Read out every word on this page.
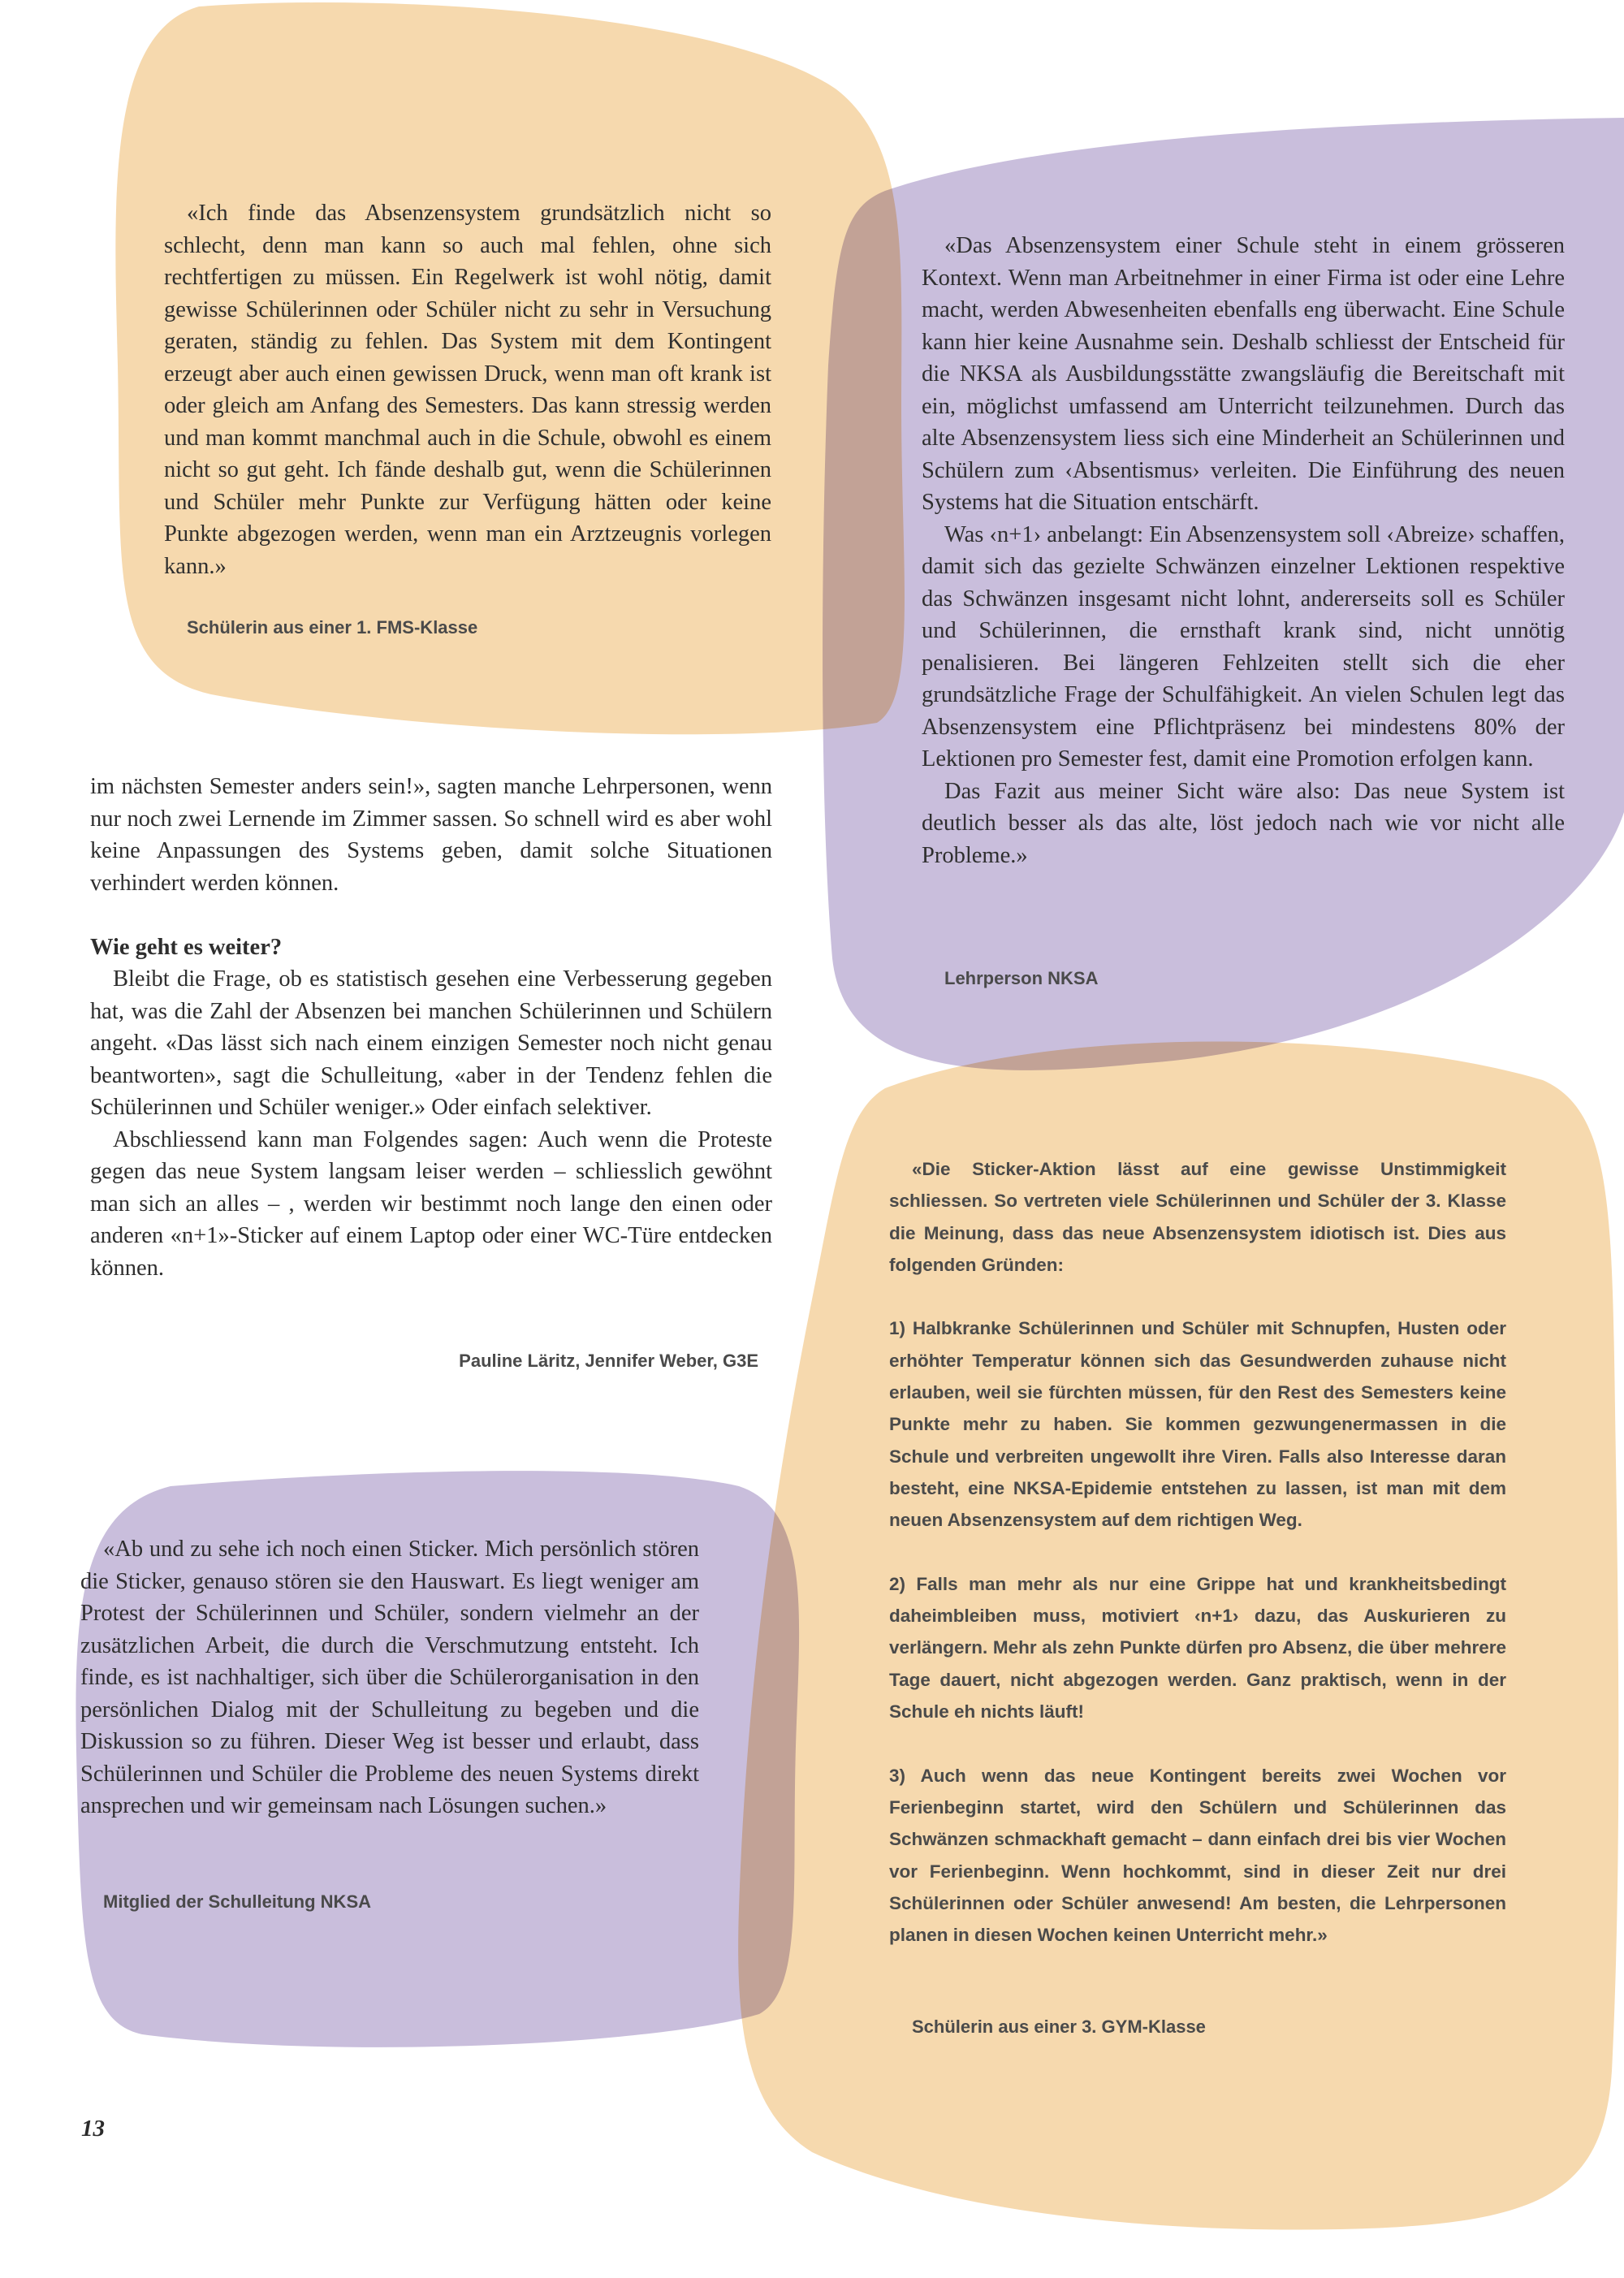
«Ich finde das Absenzensystem grundsätzlich nicht so schlecht, denn man kann so auch mal fehlen, ohne sich rechtfertigen zu müssen. Ein Regelwerk ist wohl nötig, damit gewisse Schülerinnen oder Schüler nicht zu sehr in Versuchung geraten, ständig zu fehlen. Das System mit dem Kontingent erzeugt aber auch einen gewissen Druck, wenn man oft krank ist oder gleich am Anfang des Semesters. Das kann stressig werden und man kommt manchmal auch in die Schule, obwohl es einem nicht so gut geht. Ich fände deshalb gut, wenn die Schülerinnen und Schüler mehr Punkte zur Verfügung hätten oder keine Punkte abgezogen werden, wenn man ein Arztzeugnis vorlegen kann.»

Schülerin aus einer 1. FMS-Klasse

«Das Absenzensystem einer Schule steht in einem grösseren Kontext. Wenn man Arbeitnehmer in einer Firma ist oder eine Lehre macht, werden Abwesenheiten ebenfalls eng überwacht. Eine Schule kann hier keine Ausnahme sein. Deshalb schliesst der Entscheid für die NKSA als Ausbildungsstätte zwangsläufig die Bereitschaft mit ein, möglichst umfassend am Unterricht teilzunehmen. Durch das alte Absenzensystem liess sich eine Minderheit an Schülerinnen und Schülern zum ‹Absentismus› verleiten. Die Einführung des neuen Systems hat die Situation entschärft.

Was ‹n+1› anbelangt: Ein Absenzensystem soll ‹Abreize› schaffen, damit sich das gezielte Schwänzen einzelner Lektionen respektive das Schwänzen insgesamt nicht lohnt, andererseits soll es Schüler und Schülerinnen, die ernsthaft krank sind, nicht unnötig penalisieren. Bei längeren Fehlzeiten stellt sich die eher grundsätzliche Frage der Schulfähigkeit. An vielen Schulen legt das Absenzensystem eine Pflichtpräsenz bei mindestens 80% der Lektionen pro Semester fest, damit eine Promotion erfolgen kann.

Das Fazit aus meiner Sicht wäre also: Das neue System ist deutlich besser als das alte, löst jedoch nach wie vor nicht alle Probleme.»

Lehrperson NKSA

im nächsten Semester anders sein!», sagten manche Lehrpersonen, wenn nur noch zwei Lernende im Zimmer sassen. So schnell wird es aber wohl keine Anpassungen des Systems geben, damit solche Situationen verhindert werden können.

Wie geht es weiter?

Bleibt die Frage, ob es statistisch gesehen eine Verbesserung gegeben hat, was die Zahl der Absenzen bei manchen Schülerinnen und Schülern angeht. «Das lässt sich nach einem einzigen Semester noch nicht genau beantworten», sagt die Schulleitung, «aber in der Tendenz fehlen die Schülerinnen und Schüler weniger.» Oder einfach selektiver.

Abschliessend kann man Folgendes sagen: Auch wenn die Proteste gegen das neue System langsam leiser werden – schliesslich gewöhnt man sich an alles – , werden wir bestimmt noch lange den einen oder anderen «n+1»-Sticker auf einem Laptop oder einer WC-Türe entdecken können.

Pauline Läritz, Jennifer Weber, G3E

«Ab und zu sehe ich noch einen Sticker. Mich persönlich stören die Sticker, genauso stören sie den Hauswart. Es liegt weniger am Protest der Schülerinnen und Schüler, sondern vielmehr an der zusätzlichen Arbeit, die durch die Verschmutzung entsteht. Ich finde, es ist nachhaltiger, sich über die Schülerorganisation in den persönlichen Dialog mit der Schulleitung zu begeben und die Diskussion so zu führen. Dieser Weg ist besser und erlaubt, dass Schülerinnen und Schüler die Probleme des neuen Systems direkt ansprechen und wir gemeinsam nach Lösungen suchen.»

Mitglied der Schulleitung NKSA

«Die Sticker-Aktion lässt auf eine gewisse Unstimmigkeit schliessen. So vertreten viele Schülerinnen und Schüler der 3. Klasse die Meinung, dass das neue Absenzensystem idiotisch ist. Dies aus folgenden Gründen:

1) Halbkranke Schülerinnen und Schüler mit Schnupfen, Husten oder erhöhter Temperatur können sich das Gesundwerden zuhause nicht erlauben, weil sie fürchten müssen, für den Rest des Semesters keine Punkte mehr zu haben. Sie kommen gezwungenermassen in die Schule und verbreiten ungewollt ihre Viren. Falls also Interesse daran besteht, eine NKSA-Epidemie entstehen zu lassen, ist man mit dem neuen Absenzensystem auf dem richtigen Weg.

2) Falls man mehr als nur eine Grippe hat und krankheitsbedingt daheimbleiben muss, motiviert ‹n+1› dazu, das Auskurieren zu verlängern. Mehr als zehn Punkte dürfen pro Absenz, die über mehrere Tage dauert, nicht abgezogen werden. Ganz praktisch, wenn in der Schule eh nichts läuft!

3) Auch wenn das neue Kontingent bereits zwei Wochen vor Ferienbeginn startet, wird den Schülern und Schülerinnen das Schwänzen schmackhaft gemacht – dann einfach drei bis vier Wochen vor Ferienbeginn. Wenn hochkommt, sind in dieser Zeit nur drei Schülerinnen oder Schüler anwesend! Am besten, die Lehrpersonen planen in diesen Wochen keinen Unterricht mehr.»

Schülerin aus einer 3. GYM-Klasse
13
